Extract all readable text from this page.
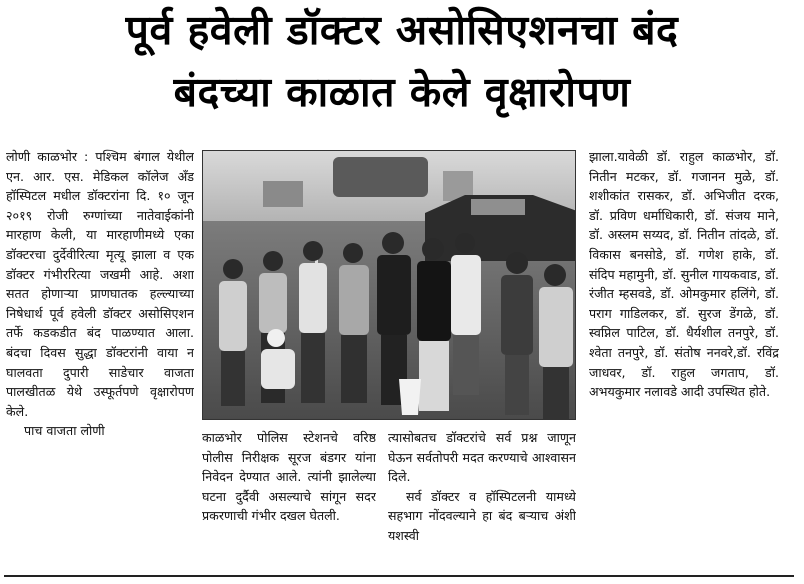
पूर्व हवेली डॉक्टर असोसिएशनचा बंद
बंदच्या काळात केले वृक्षारोपण

लोणी काळभोर : पश्चिम बंगाल येथील एन. आर. एस. मेडिकल कॉलेज अँड हॉस्पिटल मधील डॉक्टरांना दि. १० जून २०१९ रोजी रुग्णांच्या नातेवाईकांनी मारहाण केली, या मारहाणीमध्ये एका डॉक्टरचा दुर्देवीरित्या मृत्यू झाला व एक डॉक्टर गंभीररित्या जखमी आहे. अशा सतत होणाऱ्या प्राणघातक हल्ल्याच्या निषेधार्थ पूर्व हवेली डॉक्टर असोसिएशन तर्फे कडकडीत बंद पाळण्यात आला. बंदचा दिवस सुद्धा डॉक्टरांनी वाया न घालवता दुपारी साडेचार वाजता पालखीतळ येथे उस्फूर्तपणे वृक्षारोपण केले.

पाच वाजता लोणी	काळभोर पोलिस स्टेशनचे वरिष्ठ पोलीस निरीक्षक सूरज बंडगर यांना निवेदन देण्यात आले. त्यांनी झालेल्या घटना दुर्दैवी असल्याचे सांगून सदर प्रकरणाची गंभीर दखल घेतली.

त्यासोबतच डॉक्टरांचे सर्व प्रश्न जाणून घेऊन सर्वतोपरी मदत करण्याचे आश्वासन दिले.

सर्व डॉक्टर व हॉस्पिटलनी यामध्ये सहभाग नोंदवल्याने हा बंद बऱ्याच अंशी यशस्वी

झाला.यावेळी डॉ. राहुल काळभोर, डॉ. नितीन मटकर, डॉ. गजानन मुळे, डॉ. शशीकांत रासकर, डॉ. अभिजीत दरक, डॉ. प्रविण धर्माधिकारी, डॉ. संजय माने, डॉ. अस्लम सय्यद, डॉ. नितीन तांदळे, डॉ. विकास बनसोडे, डॉ. गणेश हाके, डॉ. संदिप महामुनी, डॉ. सुनील गायकवाड, डॉ. रंजीत म्हसवडे, डॉ. ओमकुमार हलिंगे, डॉ. पराग गाडिलकर, डॉ. सुरज डेंगळे, डॉ. स्वप्निल पाटिल, डॉ. धैर्यशील तनपुरे, डॉ. श्वेता तनपुरे, डॉ. संतोष ननवरे,डॉ. रविंद्र जाधवर, डॉ. राहुल जगताप, डॉ. अभयकुमार नलावडे आदी उपस्थित होते.
